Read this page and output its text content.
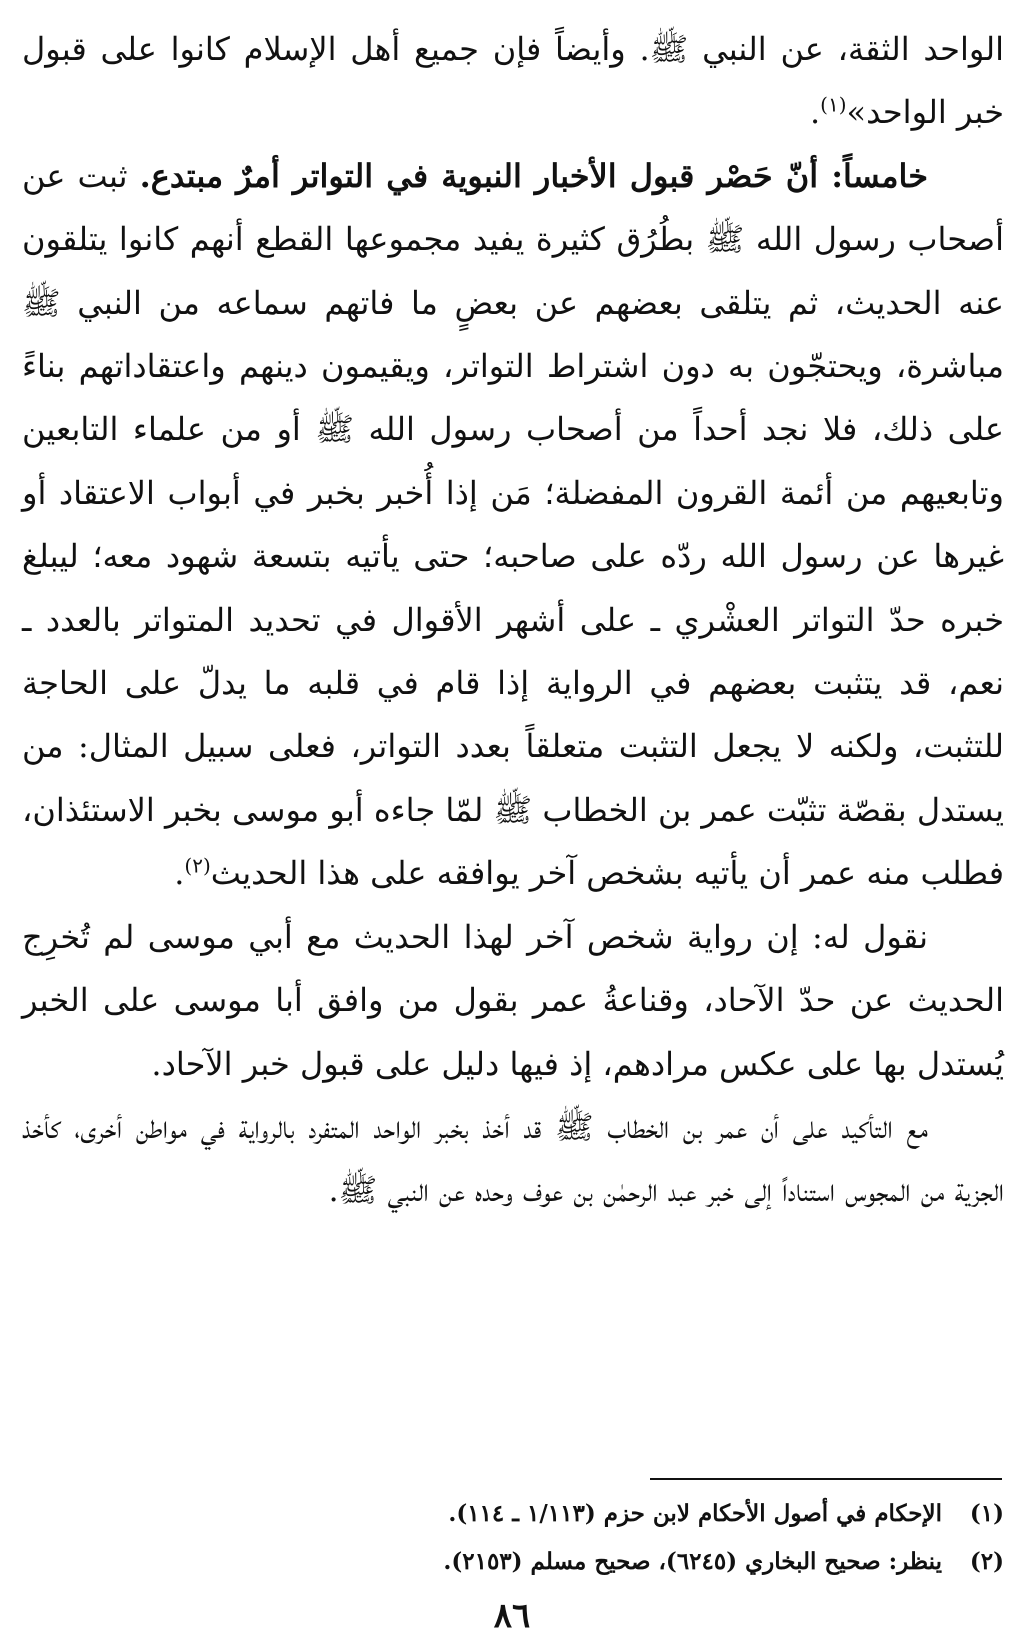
الواحد الثقة، عن النبي ﷺ. وأيضاً فإن جميع أهل الإسلام كانوا على قبول خبر الواحد»$^{(١)}$.

خامساً: أنّ حَصْر قبول الأخبار النبوية في التواتر أمرٌ مبتدع. ثبت عن أصحاب رسول الله ﷺ بطُرُق كثيرة يفيد مجموعها القطع أنهم كانوا يتلقون عنه الحديث، ثم يتلقى بعضهم عن بعضٍ ما فاتهم سماعه من النبي ﷺ مباشرة، ويحتجّون به دون اشتراط التواتر، ويقيمون دينهم واعتقاداتهم بناءً على ذلك، فلا نجد أحداً من أصحاب رسول الله ﷺ أو من علماء التابعين وتابعيهم من أئمة القرون المفضلة؛ مَن إذا أُخبر بخبر في أبواب الاعتقاد أو غيرها عن رسول الله ردّه على صاحبه؛ حتى يأتيه بتسعة شهود معه؛ ليبلغ خبره حدّ التواتر العشْري ـ على أشهر الأقوال في تحديد المتواتر بالعدد ـ نعم، قد يتثبت بعضهم في الرواية إذا قام في قلبه ما يدلّ على الحاجة للتثبت، ولكنه لا يجعل التثبت متعلقاً بعدد التواتر، فعلى سبيل المثال: من يستدل بقصّة تثبّت عمر بن الخطاب ﷺ لمّا جاءه أبو موسى بخبر الاستئذان، فطلب منه عمر أن يأتيه بشخص آخر يوافقه على هذا الحديث$^{(٢)}$.

نقول له: إن رواية شخص آخر لهذا الحديث مع أبي موسى لم تُخرِج الحديث عن حدّ الآحاد، وقناعةُ عمر بقول من وافق أبا موسى على الخبر يُستدل بها على عكس مرادهم، إذ فيها دليل على قبول خبر الآحاد.

مع التأكيد على أن عمر بن الخطاب ﷺ قد أخذ بخبر الواحد المتفرد بالرواية في مواطن أخرى، كأخذ الجزية من المجوس استناداً إلى خبر عبد الرحمٰن بن عوف وحده عن النبي ﷺ.

(١)
الإحكام في أصول الأحكام لابن حزم (١/١١٣ ـ ١١٤).
(٢)
ينظر: صحيح البخاري (٦٢٤٥)، صحيح مسلم (٢١٥٣).
٨٦
